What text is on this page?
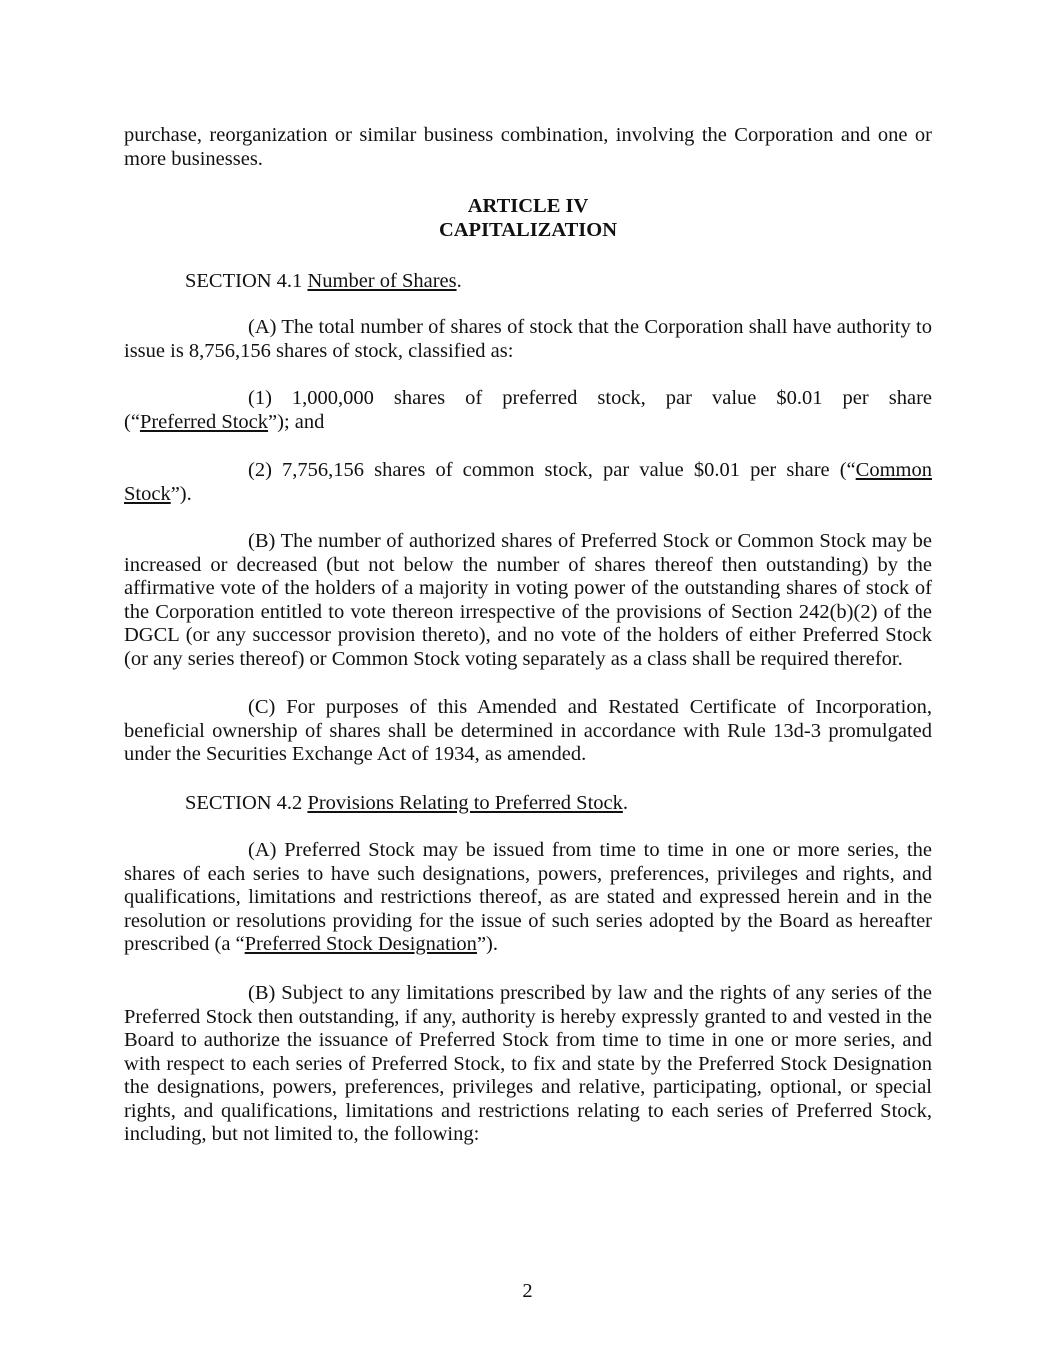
purchase, reorganization or similar business combination, involving the Corporation and one or
more businesses.

ARTICLE IV

CAPITALIZATION

SECTION 4.1 Number of Shares.

(A) The total number of shares of stock that the Corporation shall have authority to issue is 8,756,156 shares of stock, classified as:

(1) 1,000,000 shares of preferred stock, par value $0.01 per share
(“Preferred Stock”); and

(2) 7,756,156 shares of common stock, par value $0.01 per share (“Common
Stock”).

(B) The number of authorized shares of Preferred Stock or Common Stock may be increased or decreased (but not below the number of shares thereof then outstanding) by the affirmative vote of the holders of a majority in voting power of the outstanding shares of stock of the Corporation entitled to vote thereon irrespective of the provisions of Section 242(b)(2) of the DGCL (or any successor provision thereto), and no vote of the holders of either Preferred Stock (or any series thereof) or Common Stock voting separately as a class shall be required therefor.

(C) For purposes of this Amended and Restated Certificate of Incorporation, beneficial ownership of shares shall be determined in accordance with Rule 13d-3 promulgated under the Securities Exchange Act of 1934, as amended.

SECTION 4.2 Provisions Relating to Preferred Stock.

(A) Preferred Stock may be issued from time to time in one or more series, the shares of each series to have such designations, powers, preferences, privileges and rights, and qualifications, limitations and restrictions thereof, as are stated and expressed herein and in the resolution or resolutions providing for the issue of such series adopted by the Board as hereafter prescribed (a “Preferred Stock Designation”).

(B) Subject to any limitations prescribed by law and the rights of any series of the Preferred Stock then outstanding, if any, authority is hereby expressly granted to and vested in the Board to authorize the issuance of Preferred Stock from time to time in one or more series, and with respect to each series of Preferred Stock, to fix and state by the Preferred Stock Designation the designations, powers, preferences, privileges and relative, participating, optional, or special rights, and qualifications, limitations and restrictions relating to each series of Preferred Stock, including, but not limited to, the following:

2
